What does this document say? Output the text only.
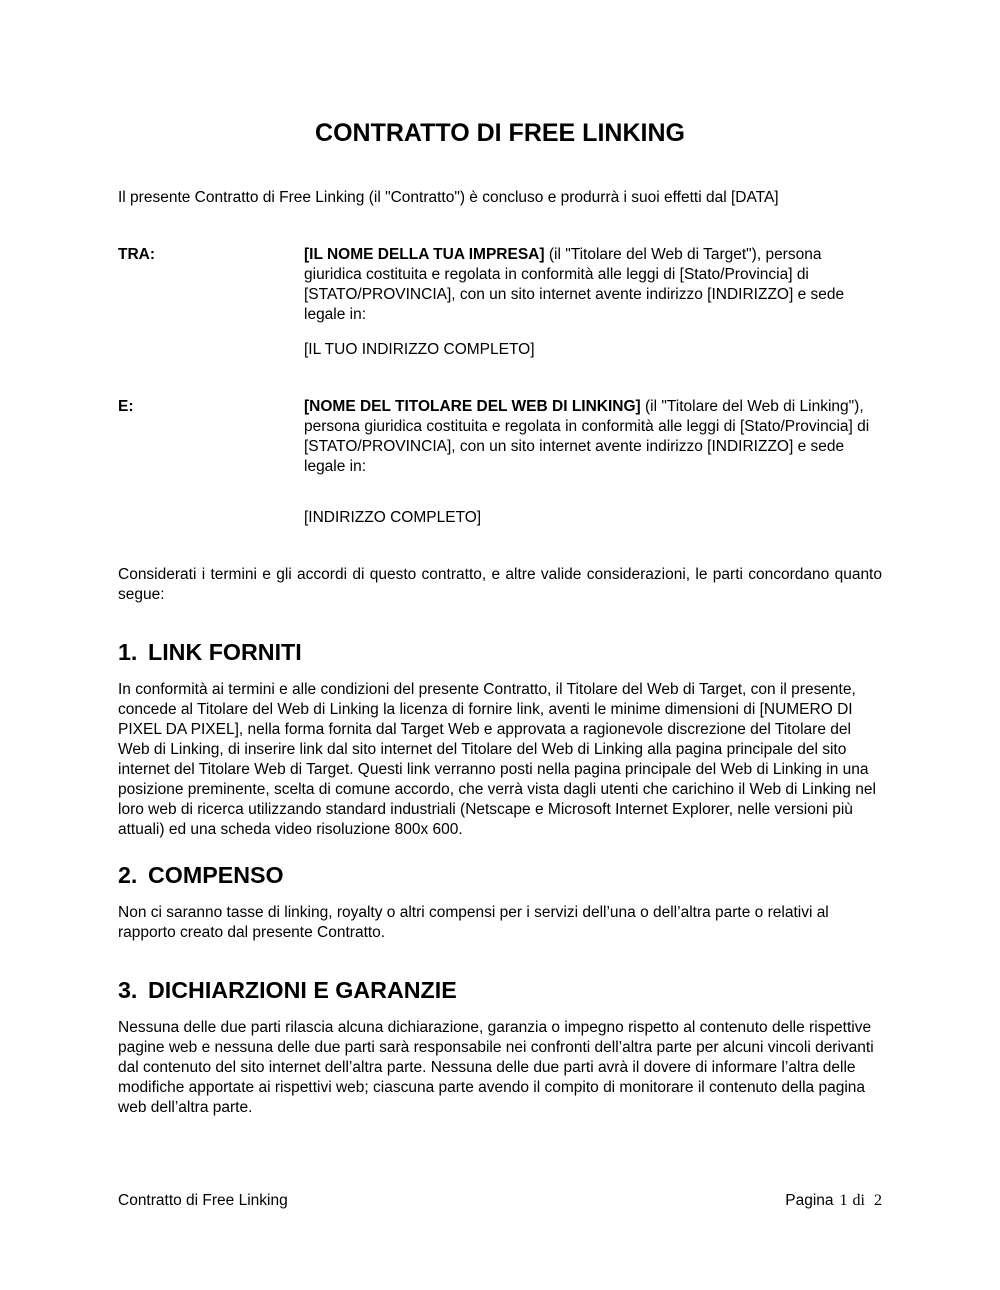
CONTRATTO DI FREE LINKING

Il presente Contratto di Free Linking (il "Contratto") è concluso e produrrà i suoi effetti dal [DATA]

TRA:	[IL NOME DELLA TUA IMPRESA] (il "Titolare del Web di Target"), persona giuridica costituita e regolata in conformità alle leggi di [Stato/Provincia] di [STATO/PROVINCIA], con un sito internet avente indirizzo [INDIRIZZO] e sede legale in:

[IL TUO INDIRIZZO COMPLETO]

E:	[NOME DEL TITOLARE DEL WEB DI LINKING] (il "Titolare del Web di Linking"), persona giuridica costituita e regolata in conformità alle leggi di [Stato/Provincia] di [STATO/PROVINCIA], con un sito internet avente indirizzo [INDIRIZZO] e sede legale in:

[INDIRIZZO COMPLETO]

Considerati i termini e gli accordi di questo contratto, e altre valide considerazioni, le parti concordano quanto segue:

1. LINK FORNITI

In conformità ai termini e alle condizioni del presente Contratto, il Titolare del Web di Target, con il presente, concede al Titolare del Web di Linking la licenza di fornire link, aventi le minime dimensioni di [NUMERO DI PIXEL DA PIXEL], nella forma fornita dal Target Web e approvata a ragionevole discrezione del Titolare del Web di Linking, di inserire link dal sito internet del Titolare del Web di Linking alla pagina principale del sito internet del Titolare Web di Target. Questi link verranno posti nella pagina principale del Web di Linking in una posizione preminente, scelta di comune accordo, che verrà vista dagli utenti che carichino il Web di Linking nel loro web di ricerca utilizzando standard industriali (Netscape e Microsoft Internet Explorer, nelle versioni più attuali) ed una scheda video risoluzione 800x 600.

2. COMPENSO

Non ci saranno tasse di linking, royalty o altri compensi per i servizi dell’una o dell’altra parte o relativi al rapporto creato dal presente Contratto.

3. DICHIARZIONI E GARANZIE

Nessuna delle due parti rilascia alcuna dichiarazione, garanzia o impegno rispetto al contenuto delle rispettive pagine web e nessuna delle due parti sarà responsabile nei confronti dell’altra parte per alcuni vincoli derivanti dal contenuto del sito internet dell’altra parte. Nessuna delle due parti avrà il dovere di informare l’altra delle modifiche apportate ai rispettivi web; ciascuna parte avendo il compito di monitorare il contenuto della pagina web dell’altra parte.

Contratto di Free Linking	Pagina 1 di 2
